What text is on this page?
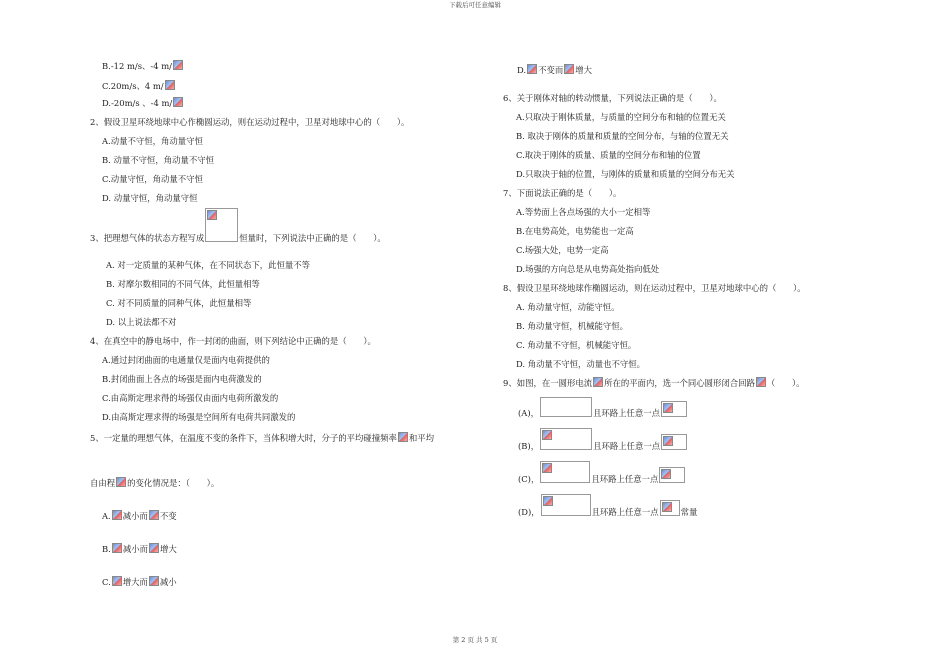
下载后可任意编辑
B.-12 m/s、-4 m/
C.20m/s、4 m/
D.-20m/s 、-4 m/
2、假设卫星环绕地球中心作椭圆运动，则在运动过程中，卫星对地球中心的（　　）。
A.动量不守恒，角动量守恒
B. 动量不守恒，角动量不守恒
C.动量守恒，角动量不守恒
D. 动量守恒，角动量守恒
3、把理想气体的状态方程写成	恒量时，下列说法中正确的是（　　）。
A. 对一定质量的某种气体，在不同状态下，此恒量不等
B. 对摩尔数相同的不同气体，此恒量相等
C. 对不同质量的同种气体，此恒量相等
D. 以上说法都不对
4、在真空中的静电场中，作一封闭的曲面，则下列结论中正确的是（　　）。
A.通过封闭曲面的电通量仅是面内电荷提供的
B.封闭曲面上各点的场强是面内电荷激发的
C.由高斯定理求得的场强仅由面内电荷所激发的
D.由高斯定理求得的场强是空间所有电荷共同激发的
5、一定量的理想气体，在温度不变的条件下，当体积增大时，分子的平均碰撞频率 和平均
自由程 的变化情况是：（　　）。
A. 减小而 不变
B. 减小而 增大
C. 增大而 减小
D. 不变而 增大
6、关于刚体对轴的转动惯量，下列说法正确的是（　　）。
A.只取决于刚体质量，与质量的空间分布和轴的位置无关
B. 取决于刚体的质量和质量的空间分布，与轴的位置无关
C.取决于刚体的质量、质量的空间分布和轴的位置
D.只取决于轴的位置，与刚体的质量和质量的空间分布无关
7、下面说法正确的是（　　）。
A.等势面上各点场强的大小一定相等
B.在电势高处，电势能也一定高
C.场强大处，电势一定高
D.场强的方向总是从电势高处指向低处
8、假设卫星环绕地球作椭圆运动，则在运动过程中，卫星对地球中心的（　　）。
A. 角动量守恒，动能守恒。
B. 角动量守恒，机械能守恒。
C. 角动量不守恒，机械能守恒。
D. 角动量不守恒，动量也不守恒。
9、如图，在一圆形电流 所在的平面内，选一个同心圆形闭合回路 （　　）。
(A)，	且环路上任意一点
(B)，	且环路上任意一点
(C)，	且环路上任意一点
(D)，	且环路上任意一点	常量
第 2 页 共 5 页
